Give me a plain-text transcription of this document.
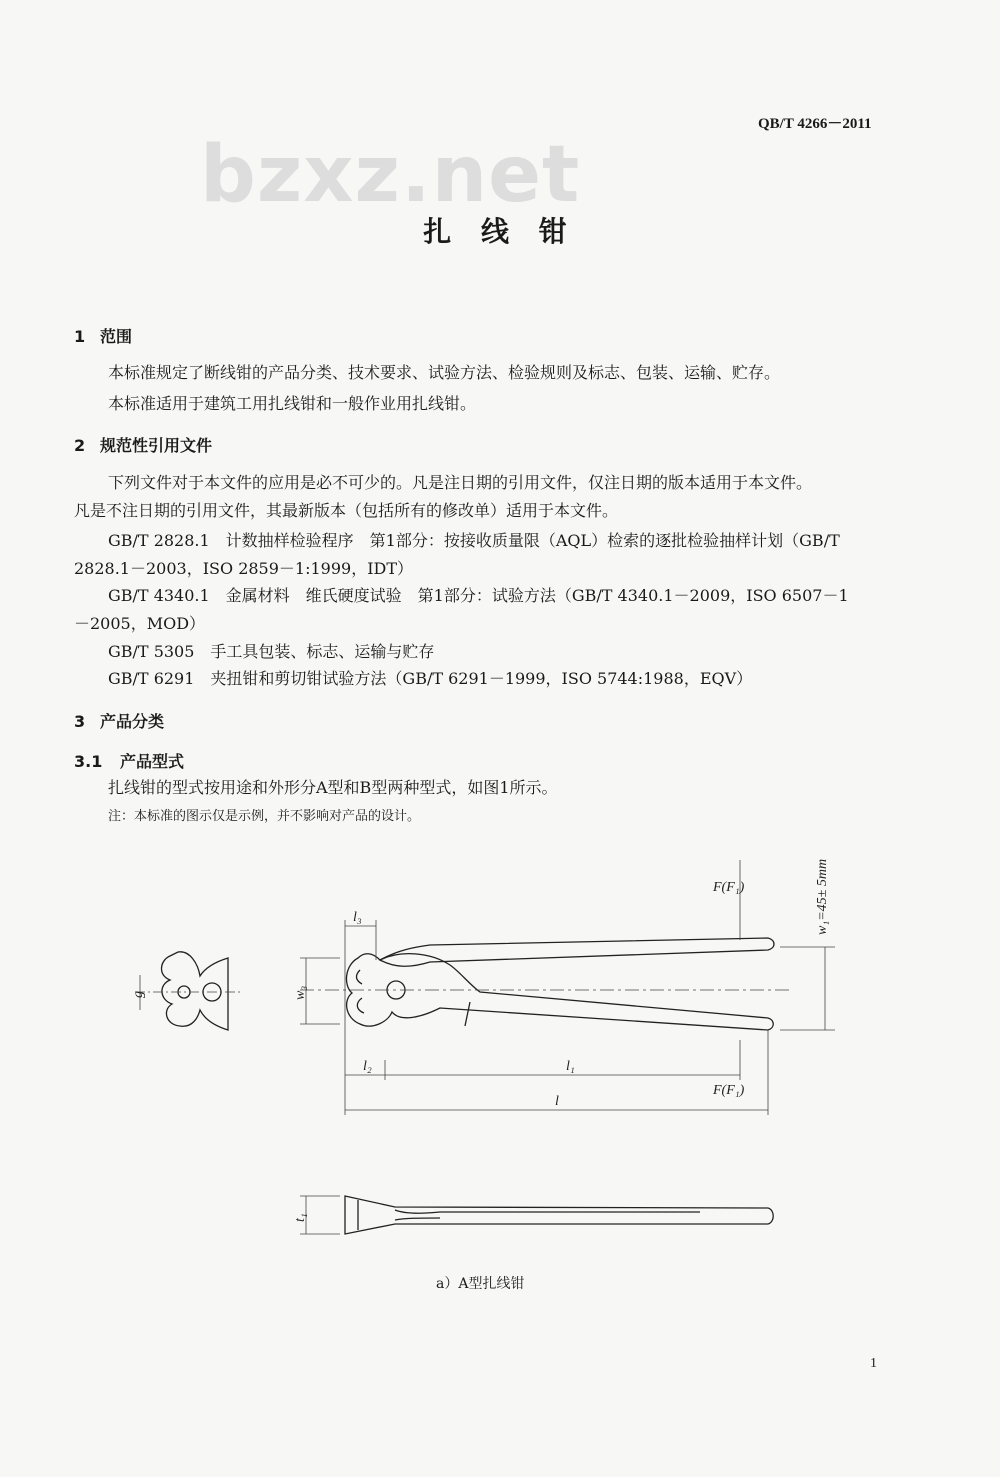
QB/T 4266－2011
bzxz.net
扎 线 钳
1 范围
本标准规定了断线钳的产品分类、技术要求、试验方法、检验规则及标志、包装、运输、贮存。
本标准适用于建筑工用扎线钳和一般作业用扎线钳。
2 规范性引用文件
下列文件对于本文件的应用是必不可少的。凡是注日期的引用文件，仅注日期的版本适用于本文件。
凡是不注日期的引用文件，其最新版本（包括所有的修改单）适用于本文件。
GB/T 2828.1　计数抽样检验程序　第1部分：按接收质量限（AQL）检索的逐批检验抽样计划（GB/T
2828.1－2003，ISO 2859－1:1999，IDT）
GB/T 4340.1　金属材料　维氏硬度试验　第1部分：试验方法（GB/T 4340.1－2009，ISO 6507－1
－2005，MOD）
GB/T 5305　手工具包装、标志、运输与贮存
GB/T 6291　夹扭钳和剪切钳试验方法（GB/T 6291－1999，ISO 5744:1988，EQV）
3 产品分类
3.1 产品型式
扎线钳的型式按用途和外形分A型和B型两种型式，如图1所示。
注：本标准的图示仅是示例，并不影响对产品的设计。
F(F₁)
F(F₁)
w₁=45± 5mm
l₃
w₃
g
l₂	l₁
l
t₁
a）A型扎线钳
1
